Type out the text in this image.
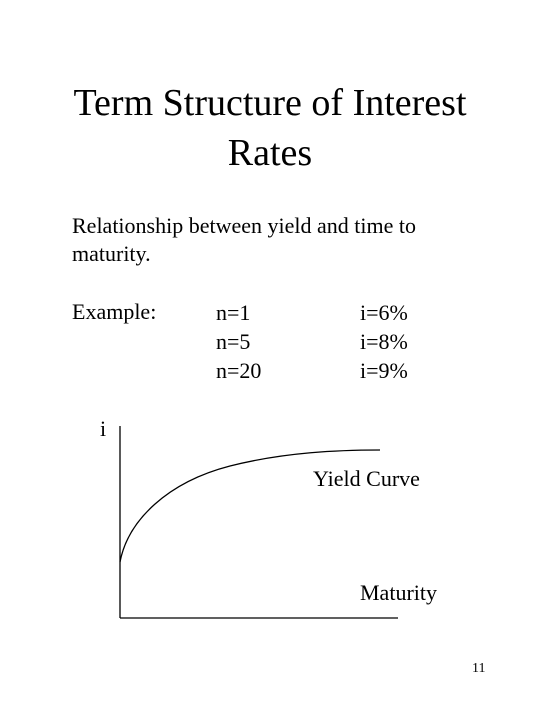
Term Structure of Interest
Rates
Relationship between yield and time to
maturity.
Example:	n=1
n=5
n=20
i=6%
i=8%
i=9%
i
Yield Curve
Maturity
11
